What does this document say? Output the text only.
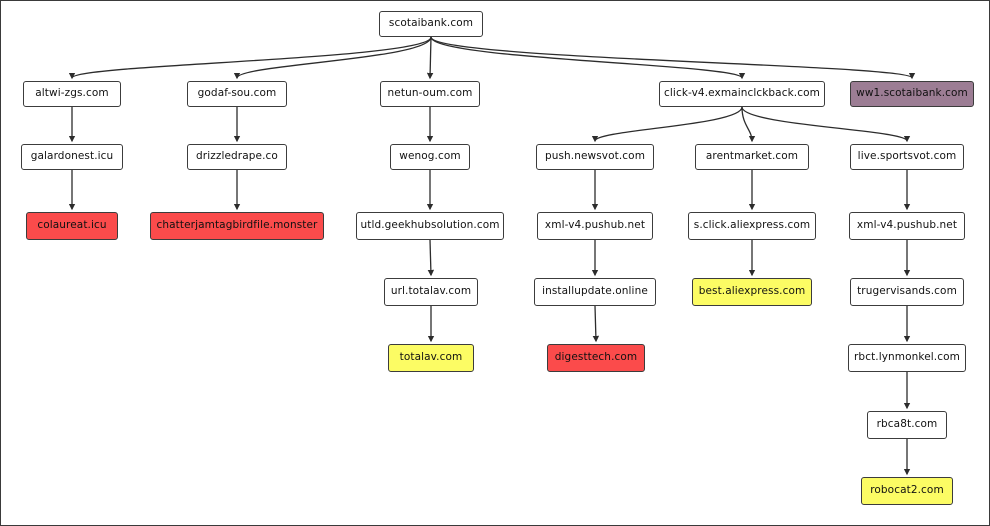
scotaibank.com
altwi-zgs.com
galardonest.icu
colaureat.icu
godaf-sou.com
drizzledrape.co
chatterjamtagbirdfile.monster
netun-oum.com
wenog.com
utld.geekhubsolution.com
url.totalav.com
totalav.com
click-v4.exmainclckback.com	ww1.scotaibank.com
push.newsvot.com
xml-v4.pushub.net
installupdate.online
digesttech.com
arentmarket.com
s.click.aliexpress.com
best.aliexpress.com
live.sportsvot.com
xml-v4.pushub.net
trugervisands.com
rbct.lynmonkel.com
rbca8t.com
robocat2.com
